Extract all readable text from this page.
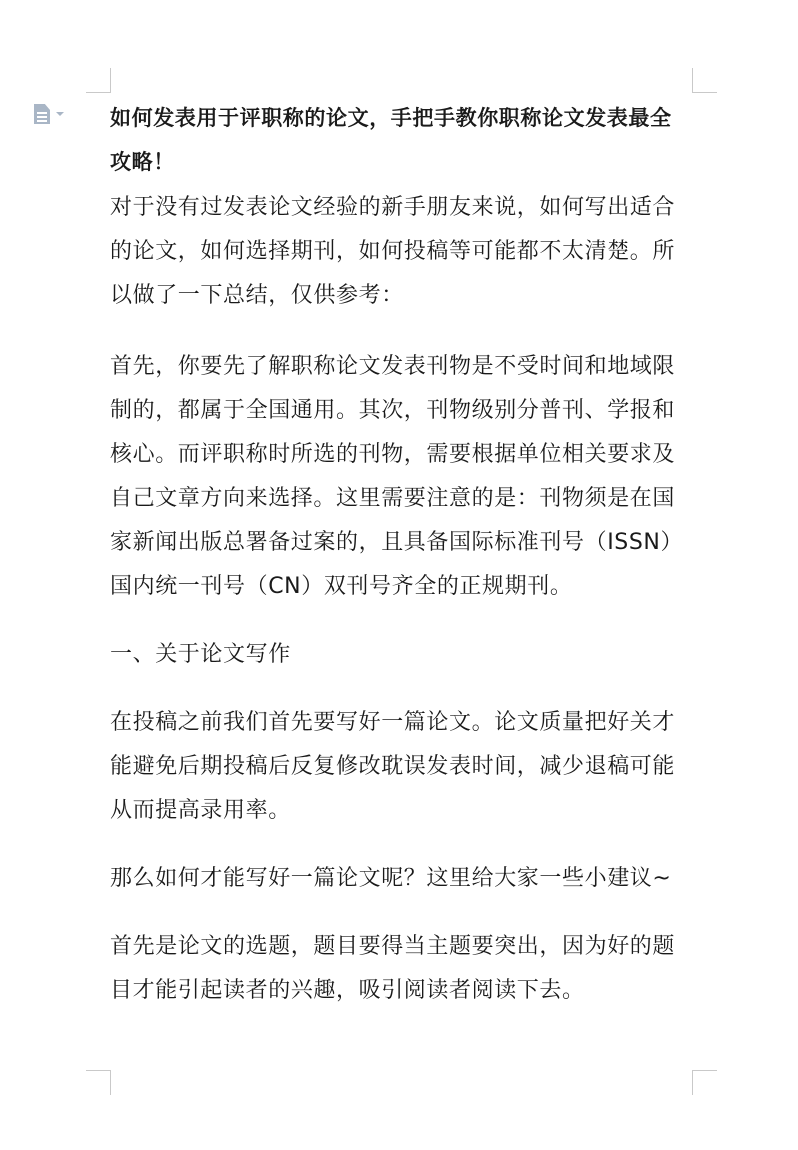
如何发表用于评职称的论文，手把手教你职称论文发表最全攻略！

对于没有过发表论文经验的新手朋友来说，如何写出适合的论文，如何选择期刊，如何投稿等可能都不太清楚。所以做了一下总结，仅供参考：

首先，你要先了解职称论文发表刊物是不受时间和地域限制的，都属于全国通用。其次，刊物级别分普刊、学报和核心。而评职称时所选的刊物，需要根据单位相关要求及自己文章方向来选择。这里需要注意的是：刊物须是在国家新闻出版总署备过案的，且具备国际标准刊号（ISSN）国内统一刊号（CN）双刊号齐全的正规期刊。

一、关于论文写作

在投稿之前我们首先要写好一篇论文。论文质量把好关才能避免后期投稿后反复修改耽误发表时间，减少退稿可能从而提高录用率。

那么如何才能写好一篇论文呢？这里给大家一些小建议~

首先是论文的选题，题目要得当主题要突出，因为好的题目才能引起读者的兴趣，吸引阅读者阅读下去。
